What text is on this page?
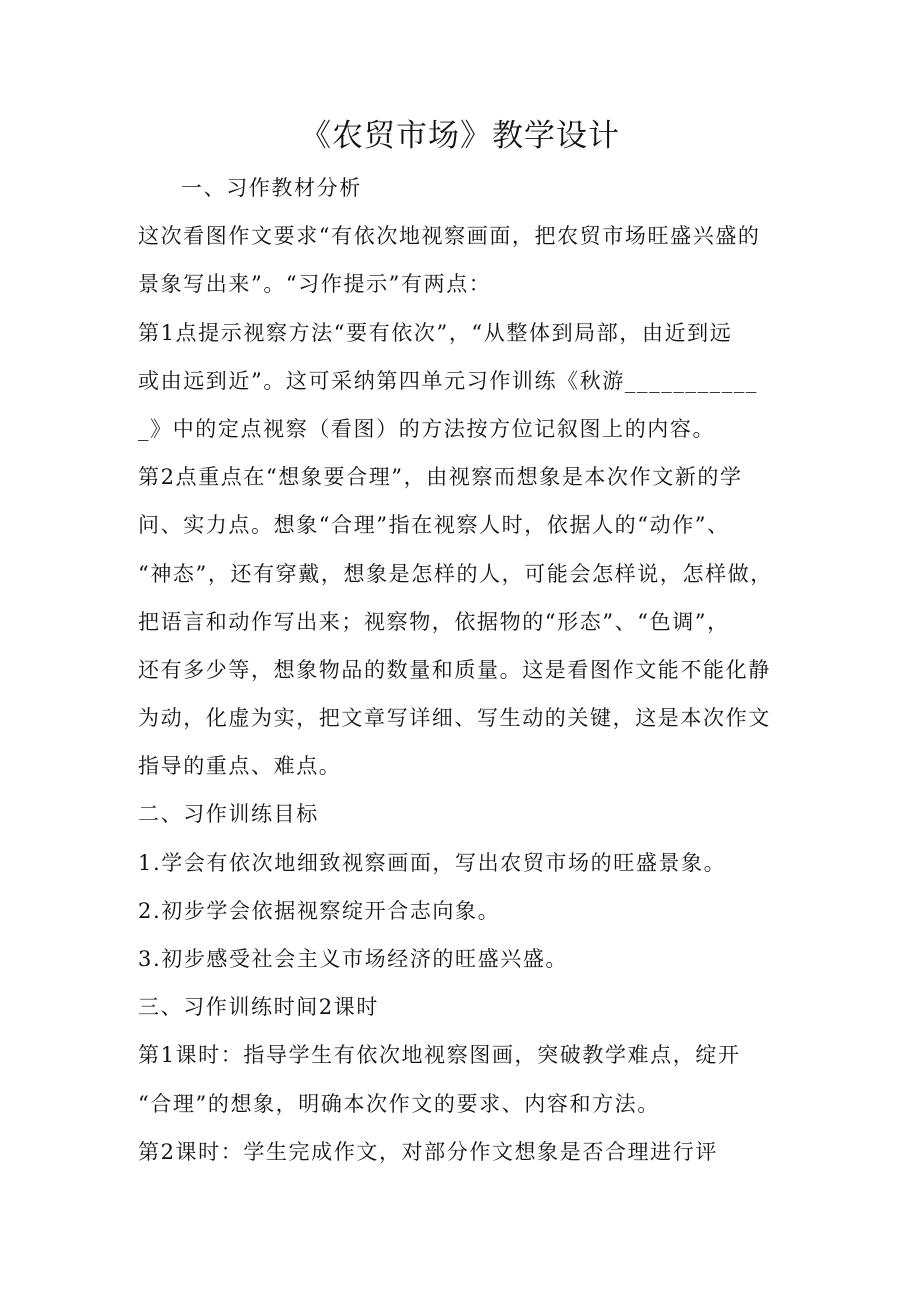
《农贸市场》教学设计
一、习作教材分析
这次看图作文要求“有依次地视察画面，把农贸市场旺盛兴盛的
景象写出来”。“习作提示”有两点：
第1点提示视察方法“要有依次”，“从整体到局部，由近到远
或由远到近”。这可采纳第四单元习作训练《秋游___________
_》中的定点视察（看图）的方法按方位记叙图上的内容。
第2点重点在“想象要合理”，由视察而想象是本次作文新的学
问、实力点。想象“合理”指在视察人时，依据人的“动作”、
“神态”，还有穿戴，想象是怎样的人，可能会怎样说，怎样做，
把语言和动作写出来；视察物，依据物的“形态”、“色调”，
还有多少等，想象物品的数量和质量。这是看图作文能不能化静
为动，化虚为实，把文章写详细、写生动的关键，这是本次作文
指导的重点、难点。
二、习作训练目标
1.学会有依次地细致视察画面，写出农贸市场的旺盛景象。
2.初步学会依据视察绽开合志向象。
3.初步感受社会主义市场经济的旺盛兴盛。
三、习作训练时间2课时
第1课时：指导学生有依次地视察图画，突破教学难点，绽开
“合理”的想象，明确本次作文的要求、内容和方法。
第2课时：学生完成作文，对部分作文想象是否合理进行评
